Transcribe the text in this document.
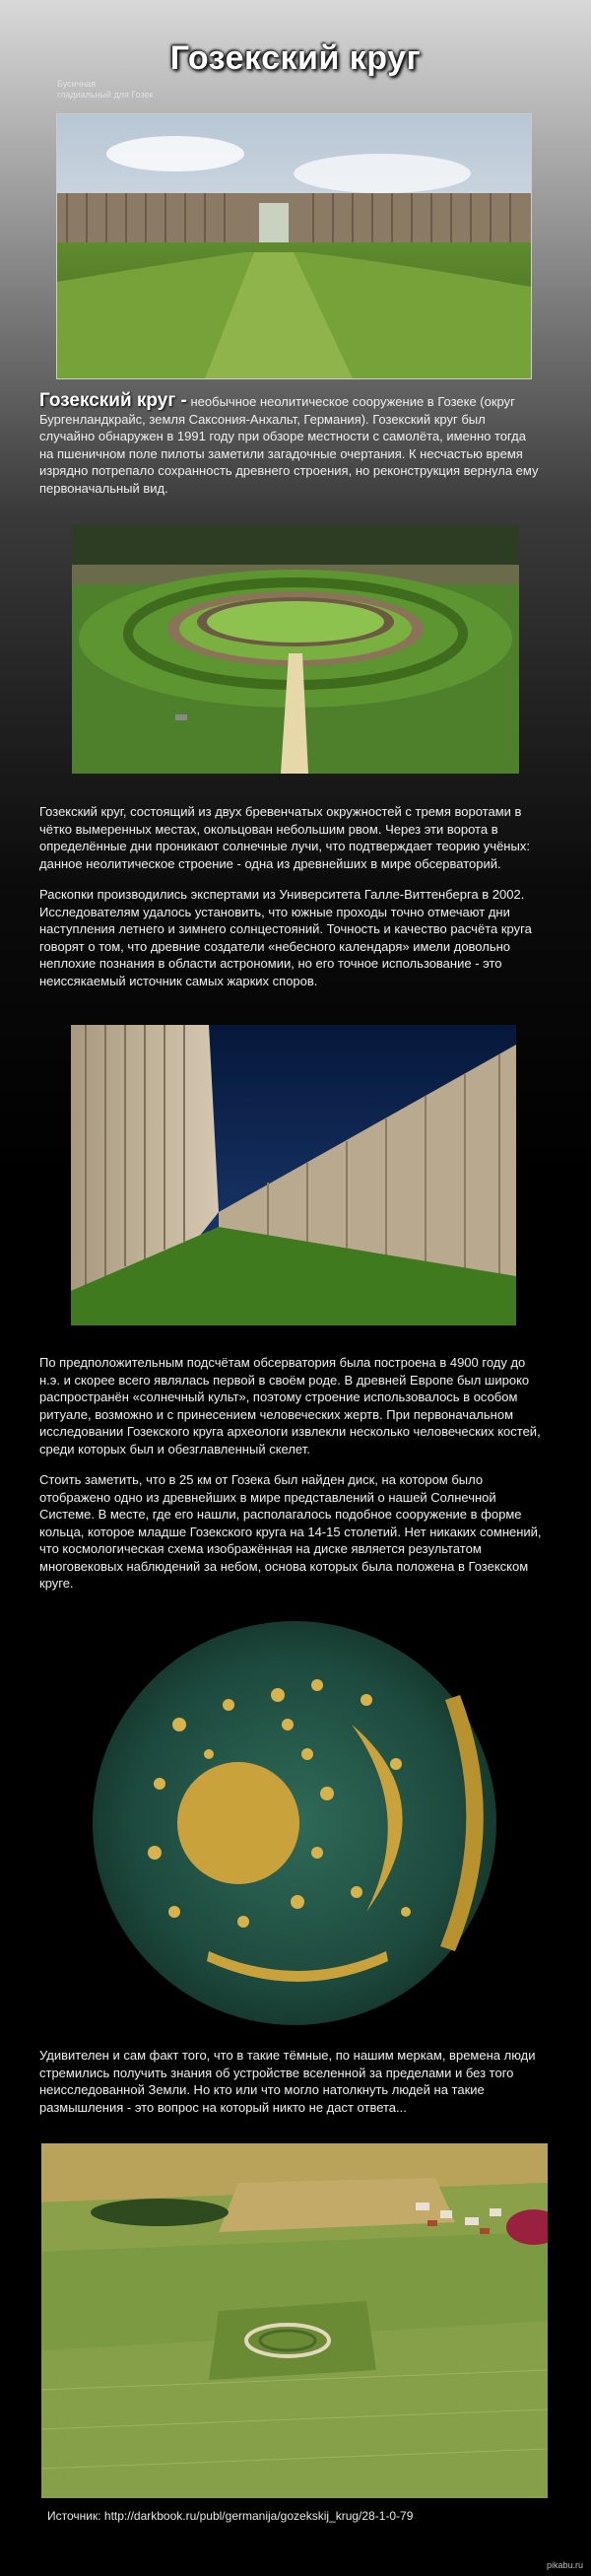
Гозекский круг
Бусичная
гладиальный для Гозек
Гозекский круг - необычное неолитическое сооружение в Гозеке (округ Бургенландкрайс, земля Саксония-Анхальт, Германия). Гозекский круг был случайно обнаружен в 1991 году при обзоре местности с самолёта, именно тогда на пшеничном поле пилоты заметили загадочные очертания. К несчастью время изрядно потрепало сохранность древнего строения, но реконструкция вернула ему первоначальный вид.

Гозекский круг, состоящий из двух бревенчатых окружностей с тремя воротами в чётко вымеренных местах, окольцован небольшим рвом. Через эти ворота в определённые дни проникают солнечные лучи, что подтверждает теорию учёных: данное неолитическое строение - одна из древнейших в мире обсерваторий.

Раскопки производились экспертами из Университета Галле-Виттенберга в 2002. Исследователям удалось установить, что южные проходы точно отмечают дни наступления летнего и зимнего солнцестояний. Точность и качество расчёта круга говорят о том, что древние создатели «небесного календаря» имели довольно неплохие познания в области астрономии, но его точное использование - это неиссякаемый источник самых жарких споров.

По предположительным подсчётам обсерватория была построена в 4900 году до н.э. и скорее всего являлась первой в своём роде. В древней Европе был широко распространён «солнечный культ», поэтому строение использовалось в особом ритуале, возможно и с принесением человеческих жертв. При первоначальном исследовании Гозекского круга археологи извлекли несколько человеческих костей, среди которых был и обезглавленный скелет.

Стоить заметить, что в 25 км от Гозека был найден диск, на котором было отображено одно из древнейших в мире представлений о нашей Солнечной Системе. В месте, где его нашли, располагалось подобное сооружение в форме кольца, которое младше Гозекского круга на 14-15 столетий. Нет никаких сомнений, что космологическая схема изображённая на диске является результатом многовековых наблюдений за небом, основа которых была положена в Гозекском круге.

Удивителен и сам факт того, что в такие тёмные, по нашим меркам, времена люди стремились получить знания об устройстве вселенной за пределами и без того неисследованной Земли. Но кто или что могло натолкнуть людей на такие размышления - это вопрос на который никто не даст ответа...

Источник: http://darkbook.ru/publ/germanija/gozekskij_krug/28-1-0-79
pikabu.ru
